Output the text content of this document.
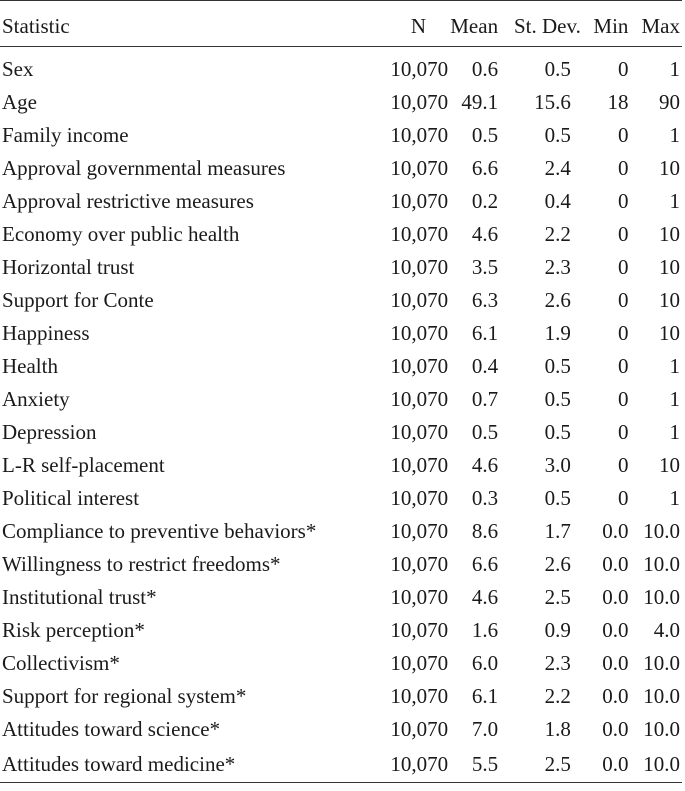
Statistic	N	Mean	St. Dev.	Min	Max
Sex	10,070	0.6	0.5	0	1
Age	10,070	49.1	15.6	18	90
Family income	10,070	0.5	0.5	0	1
Approval governmental measures	10,070	6.6	2.4	0	10
Approval restrictive measures	10,070	0.2	0.4	0	1
Economy over public health	10,070	4.6	2.2	0	10
Horizontal trust	10,070	3.5	2.3	0	10
Support for Conte	10,070	6.3	2.6	0	10
Happiness	10,070	6.1	1.9	0	10
Health	10,070	0.4	0.5	0	1
Anxiety	10,070	0.7	0.5	0	1
Depression	10,070	0.5	0.5	0	1
L-R self-placement	10,070	4.6	3.0	0	10
Political interest	10,070	0.3	0.5	0	1
Compliance to preventive behaviors*	10,070	8.6	1.7	0.0	10.0
Willingness to restrict freedoms*	10,070	6.6	2.6	0.0	10.0
Institutional trust*	10,070	4.6	2.5	0.0	10.0
Risk perception*	10,070	1.6	0.9	0.0	4.0
Collectivism*	10,070	6.0	2.3	0.0	10.0
Support for regional system*	10,070	6.1	2.2	0.0	10.0
Attitudes toward science*	10,070	7.0	1.8	0.0	10.0
Attitudes toward medicine*	10,070	5.5	2.5	0.0	10.0
